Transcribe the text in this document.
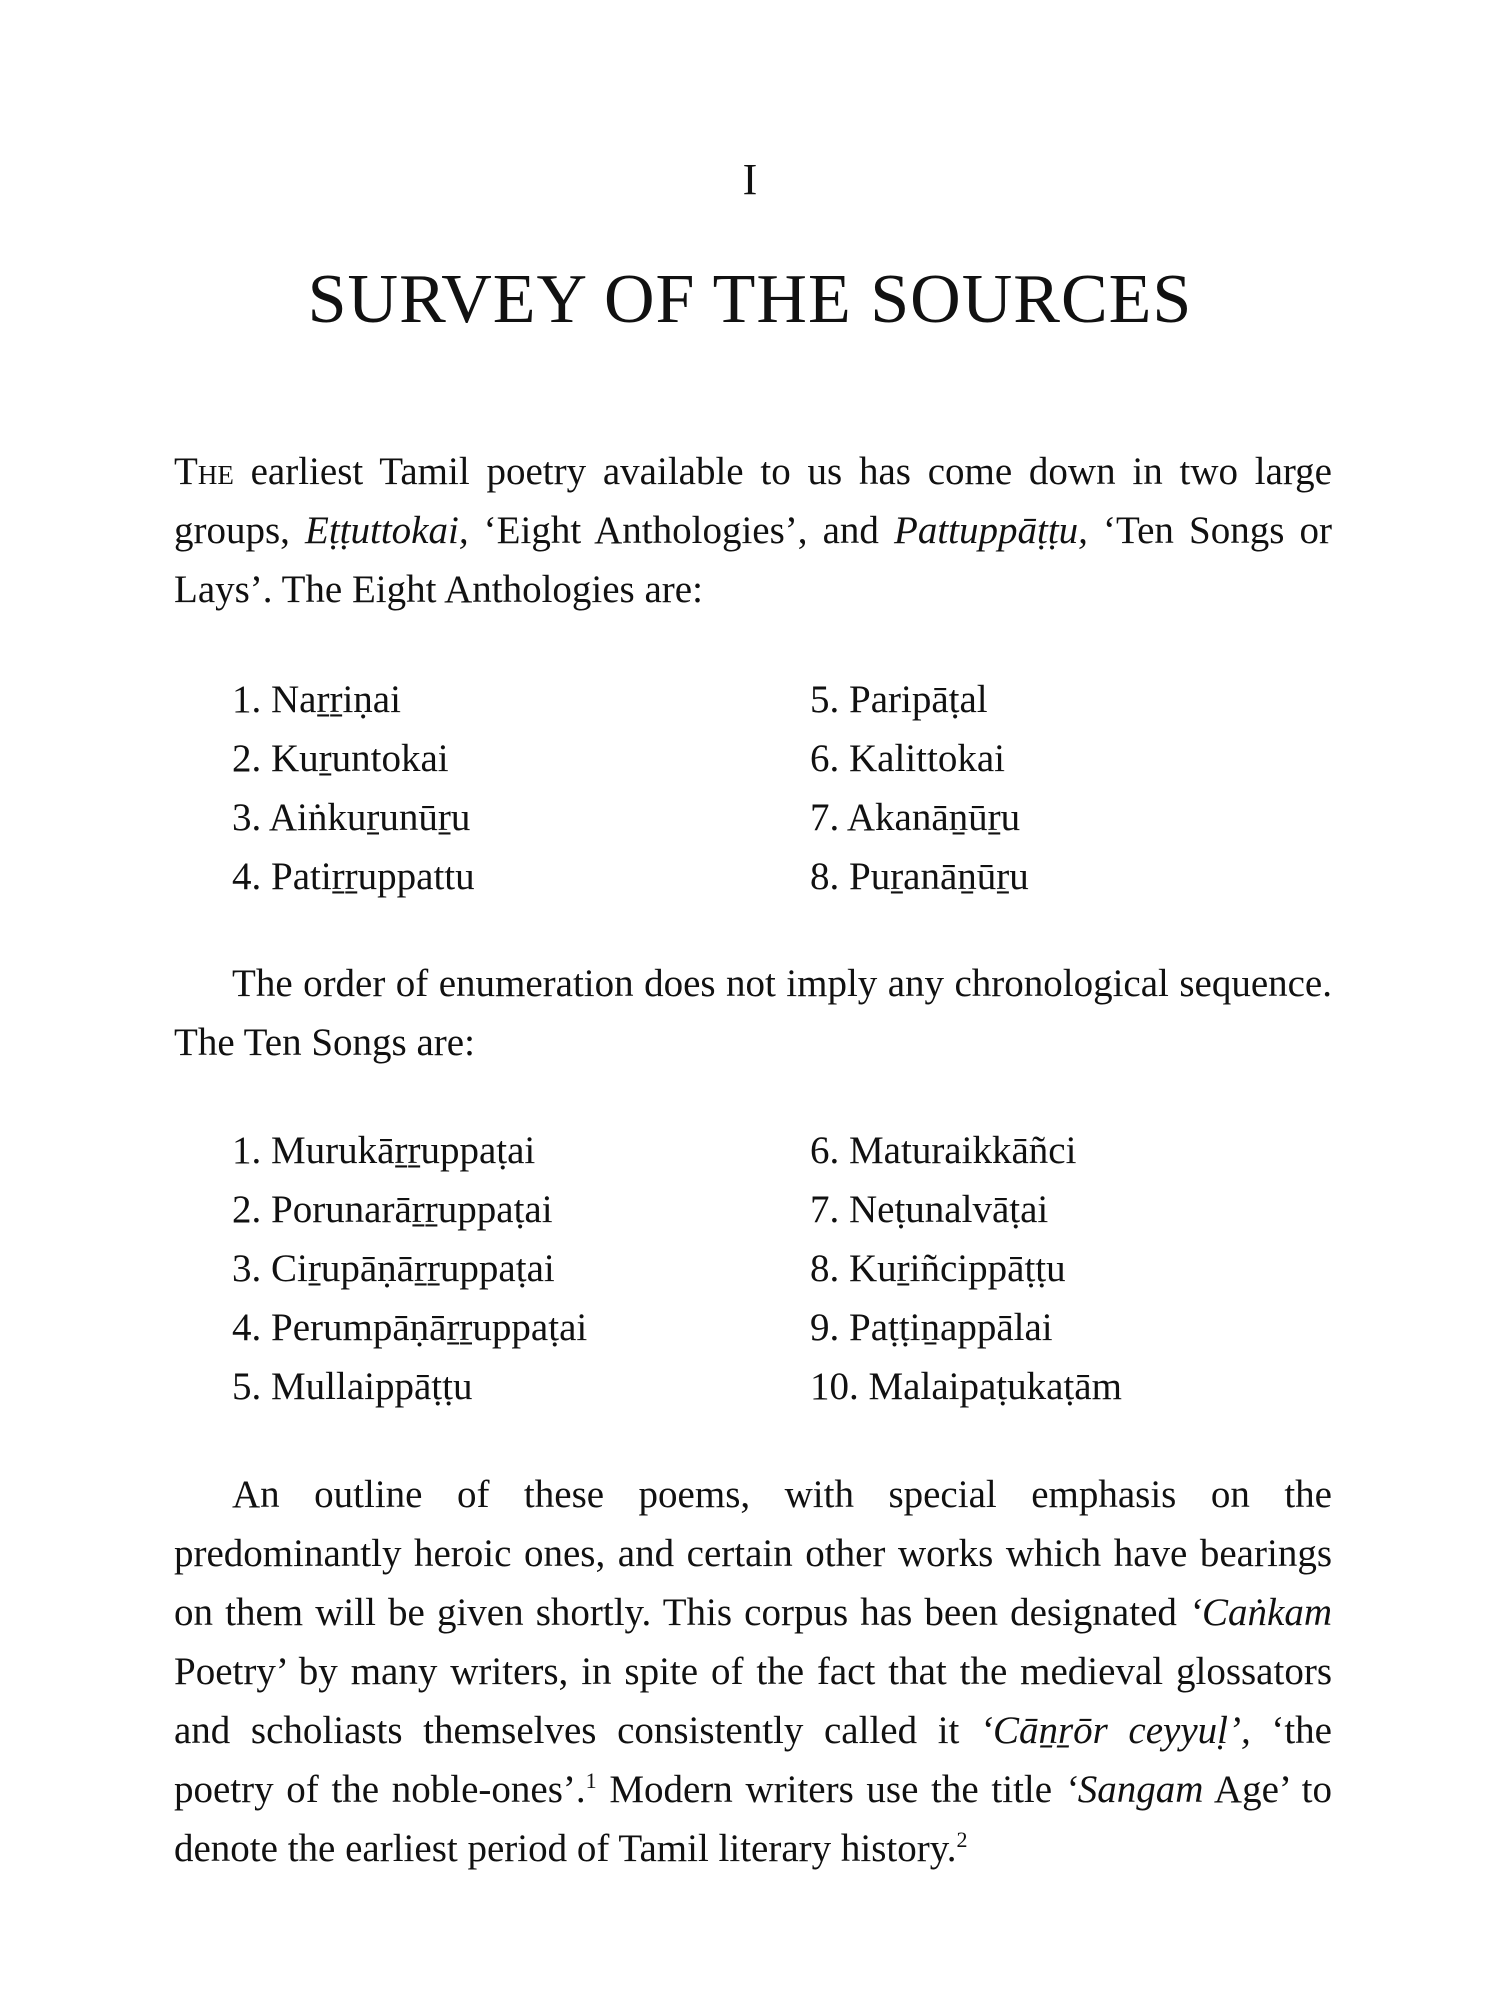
I
SURVEY OF THE SOURCES

The earliest Tamil poetry available to us has come down in two large groups, Eṭṭuttokai, ‘Eight Anthologies’, and Pattuppāṭṭu, ‘Ten Songs or Lays’. The Eight Anthologies are:

1. Naṟṟiṇai
2. Kuṟuntokai
3. Aiṅkuṟunūṟu
4. Patiṟṟuppattu
5. Paripāṭal
6. Kalittokai
7. Akanāṉūṟu
8. Puṟanāṉūṟu

The order of enumeration does not imply any chronological sequence. The Ten Songs are:

1. Murukāṟṟuppaṭai
2. Porunarāṟṟuppaṭai
3. Ciṟupāṇāṟṟuppaṭai
4. Perumpāṇāṟṟuppaṭai
5. Mullaippāṭṭu
6. Maturaikkāñci
7. Neṭunalvāṭai
8. Kuṟiñcippāṭṭu
9. Paṭṭiṉappālai
10. Malaipaṭukaṭām

An outline of these poems, with special emphasis on the predominantly heroic ones, and certain other works which have bearings on them will be given shortly. This corpus has been designated ‘Caṅkam Poetry’ by many writers, in spite of the fact that the medieval glossators and scholiasts themselves consistently called it ‘Cāṉṟōr ceyyuḷ’, ‘the poetry of the noble-ones’.$^1$ Modern writers use the title ‘Sangam Age’ to denote the earliest period of Tamil literary history.$^2$
